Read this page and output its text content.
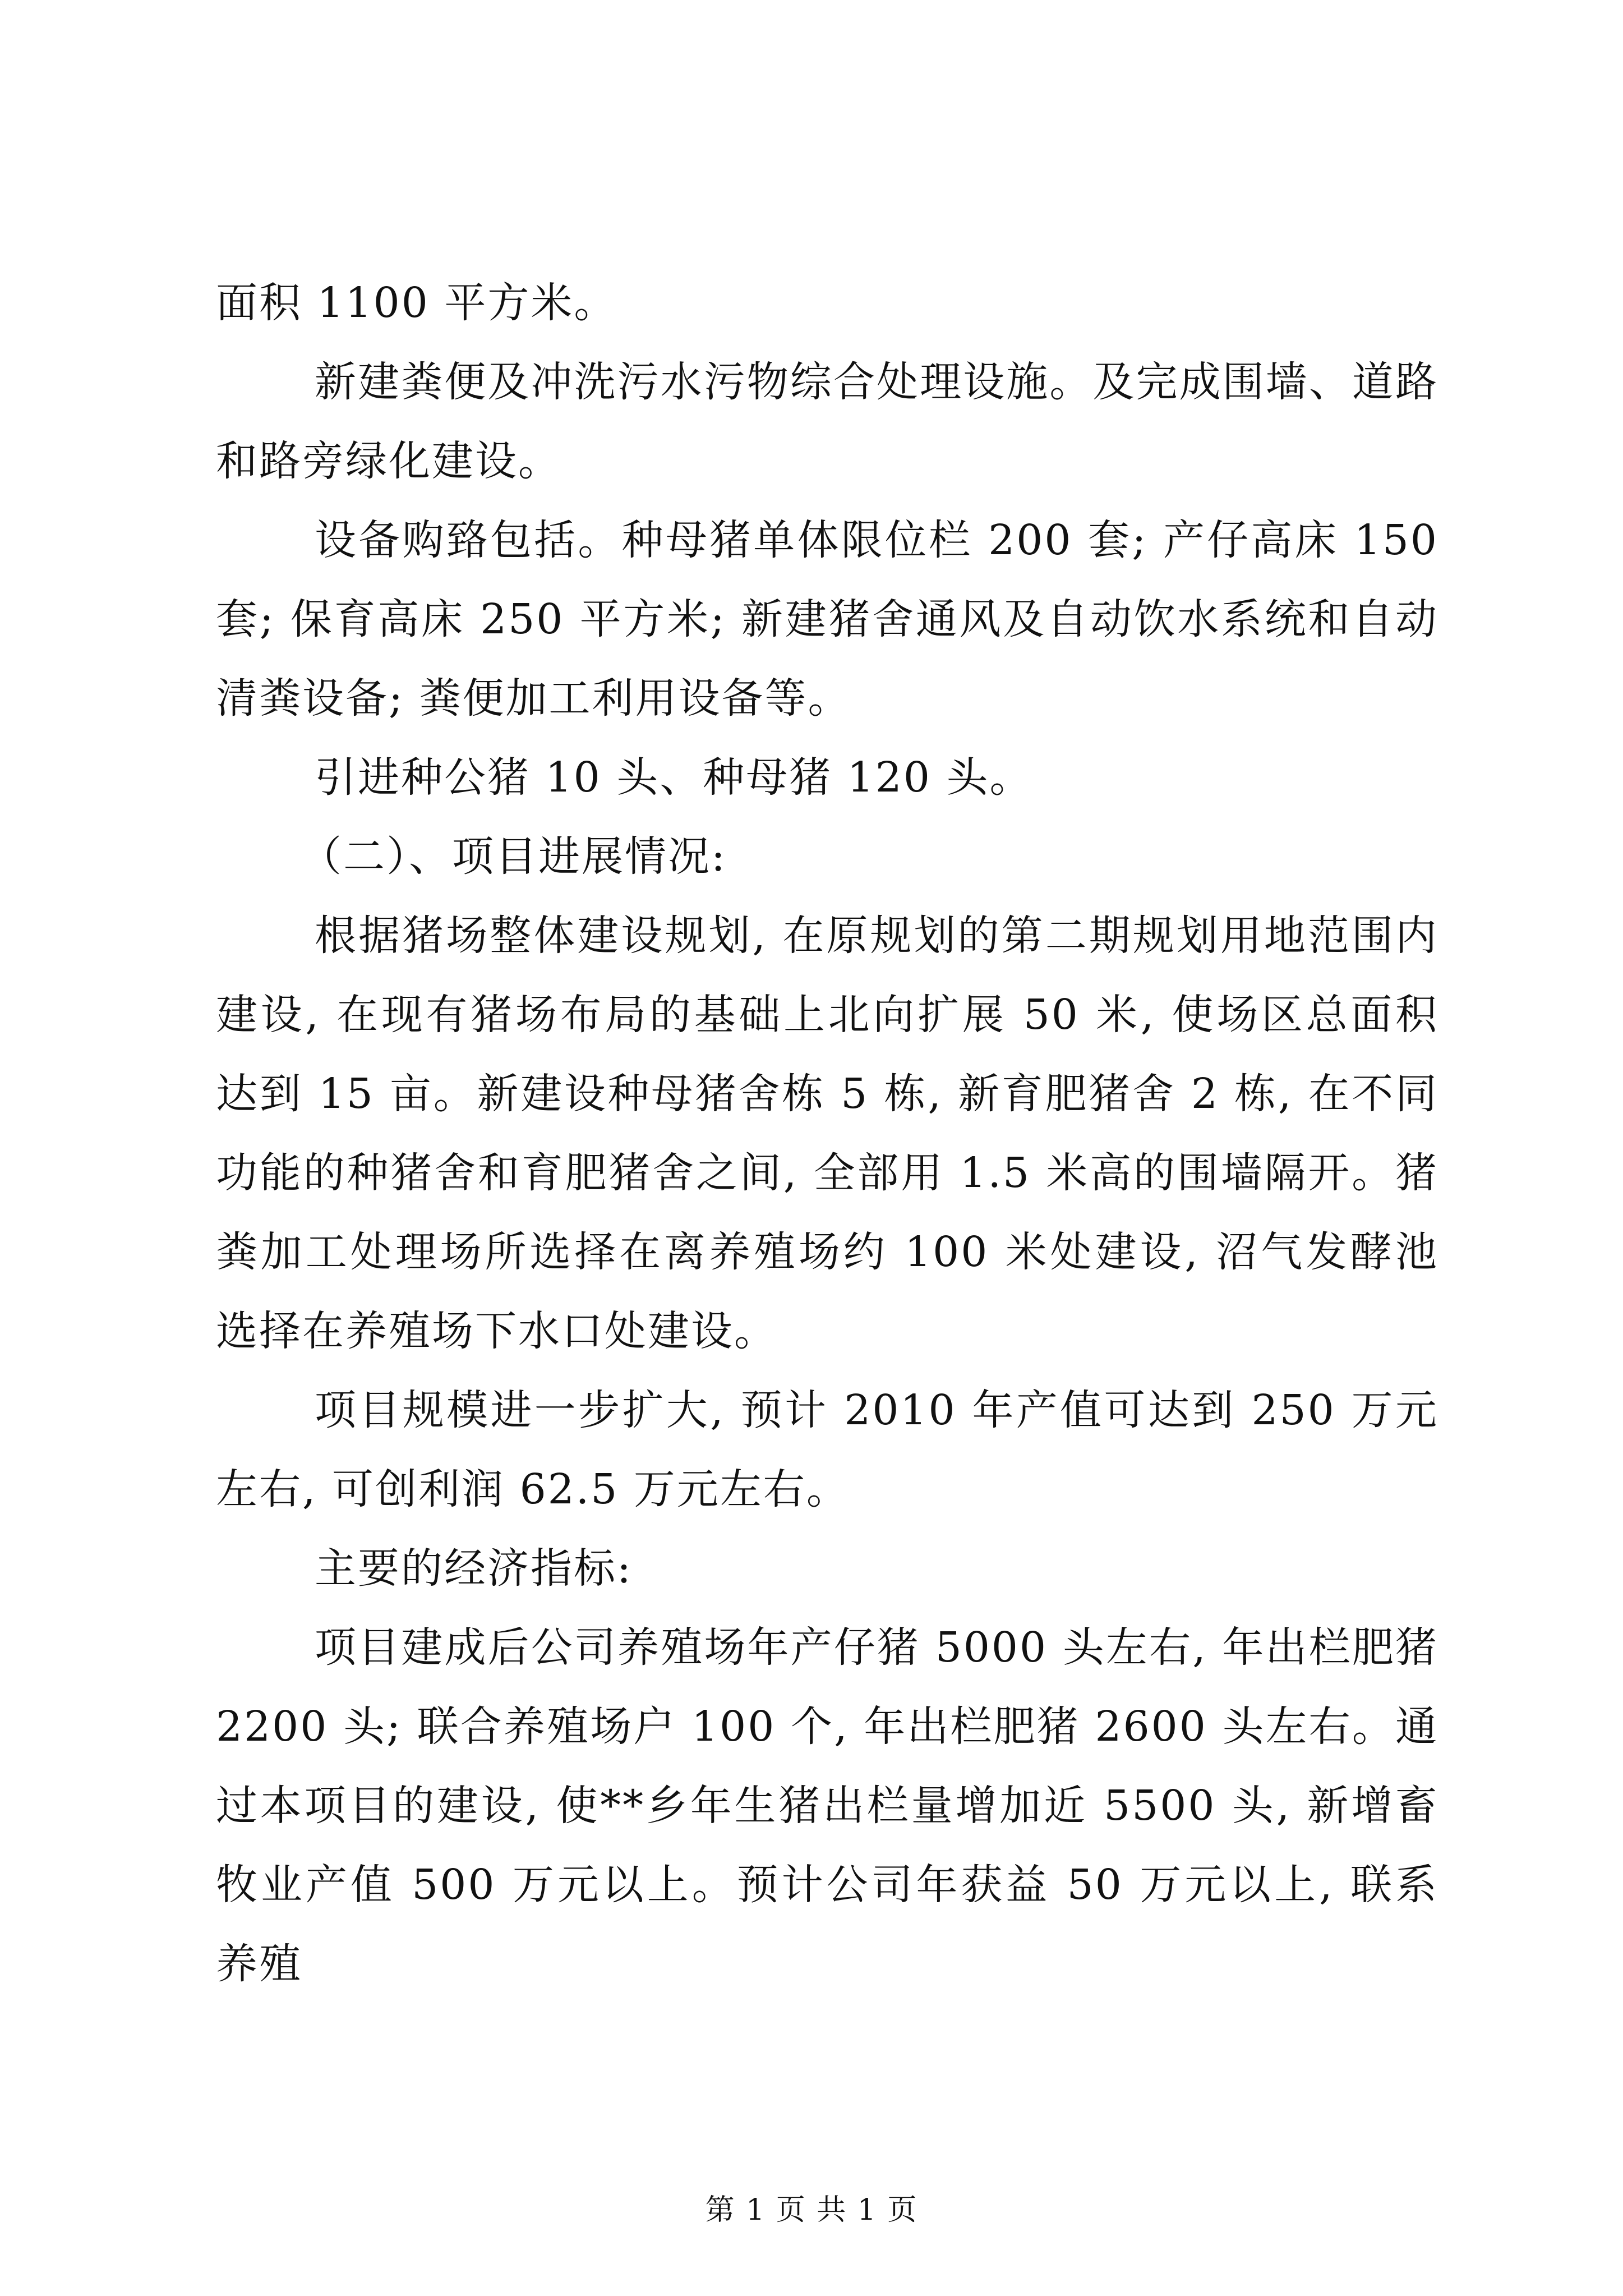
面积 1100 平方米。

新建粪便及冲洗污水污物综合处理设施。及完成围墙、道路和路旁绿化建设。

设备购臵包括。种母猪单体限位栏 200 套; 产仔高床 150 套; 保育高床 250 平方米; 新建猪舍通风及自动饮水系统和自动清粪设备; 粪便加工利用设备等。

引进种公猪 10 头、种母猪 120 头。

（二）、项目进展情况:

根据猪场整体建设规划, 在原规划的第二期规划用地范围内建设, 在现有猪场布局的基础上北向扩展 50 米, 使场区总面积达到 15 亩。新建设种母猪舍栋 5 栋, 新育肥猪舍 2 栋, 在不同功能的种猪舍和育肥猪舍之间, 全部用 1.5 米高的围墙隔开。猪粪加工处理场所选择在离养殖场约 100 米处建设, 沼气发酵池选择在养殖场下水口处建设。

项目规模进一步扩大, 预计 2010 年产值可达到 250 万元左右, 可创利润 62.5 万元左右。

主要的经济指标:

项目建成后公司养殖场年产仔猪 5000 头左右, 年出栏肥猪 2200 头; 联合养殖场户 100 个, 年出栏肥猪 2600 头左右。通过本项目的建设, 使**乡年生猪出栏量增加近 5500 头, 新增畜牧业产值 500 万元以上。预计公司年获益 50 万元以上, 联系养殖

第 1 页 共 1 页
